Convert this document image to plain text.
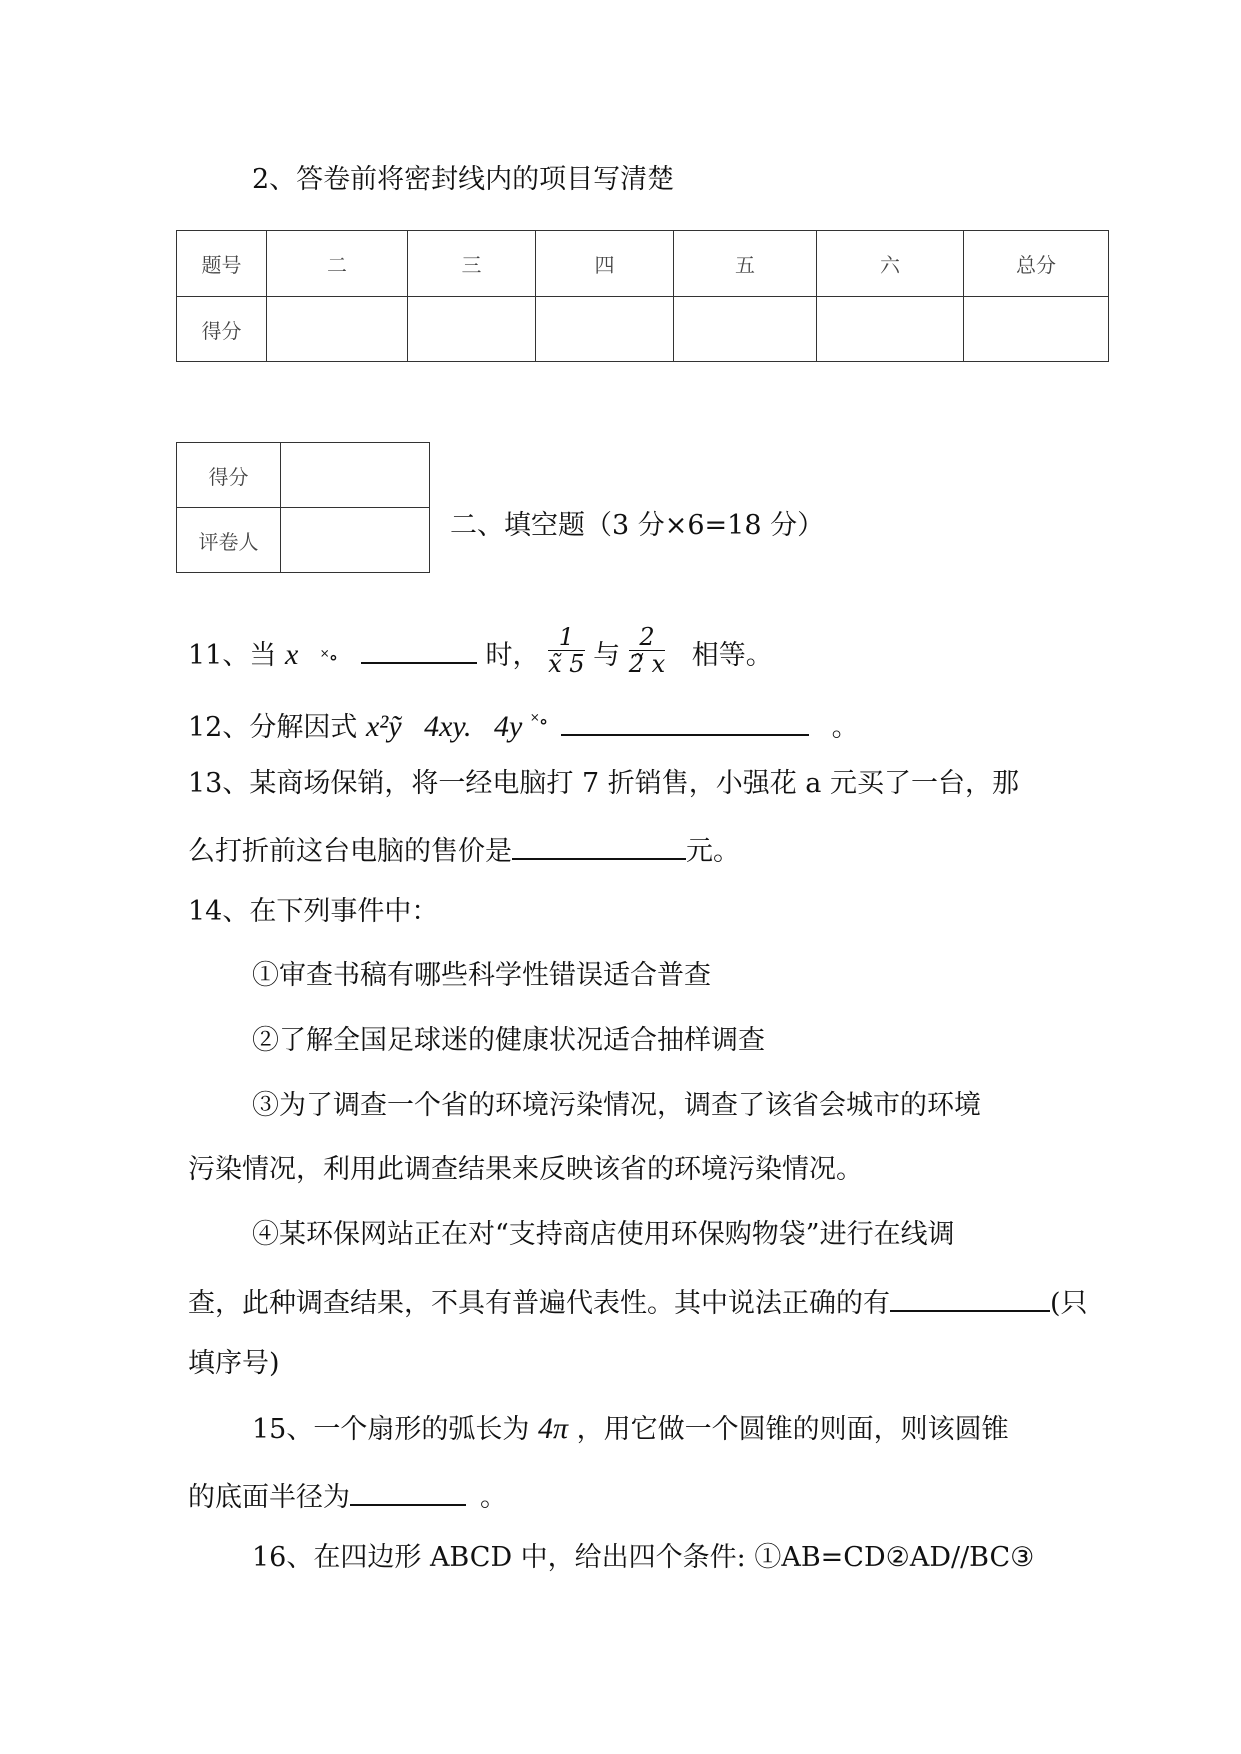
2、答卷前将密封线内的项目写清楚
题号	二	三	四	五	六	总分
得分						
得分	
评卷人	
二、填空题（3 分×6=18 分）
11、当 x ˟∘	时， $\frac{1}{x̃ 5}$ 与 $\frac{2}{2̃ x}$ 相等。
12、分解因式 x²ỹ   4xy.   4y ˟∘	。
13、某商场保销，将一经电脑打 7 折销售，小强花 a 元买了一台，那
么打折前这台电脑的售价是	元。
14、在下列事件中：
①审查书稿有哪些科学性错误适合普查
②了解全国足球迷的健康状况适合抽样调查
③为了调查一个省的环境污染情况，调查了该省会城市的环境
污染情况，利用此调查结果来反映该省的环境污染情况。
④某环保网站正在对“支持商店使用环保购物袋”进行在线调
查，此种调查结果，不具有普遍代表性。其中说法正确的有	(只
填序号)
15、一个扇形的弧长为 4π ，用它做一个圆锥的则面，则该圆锥
的底面半径为	。
16、在四边形 ABCD 中，给出四个条件: ①AB=CD②AD//BC③
